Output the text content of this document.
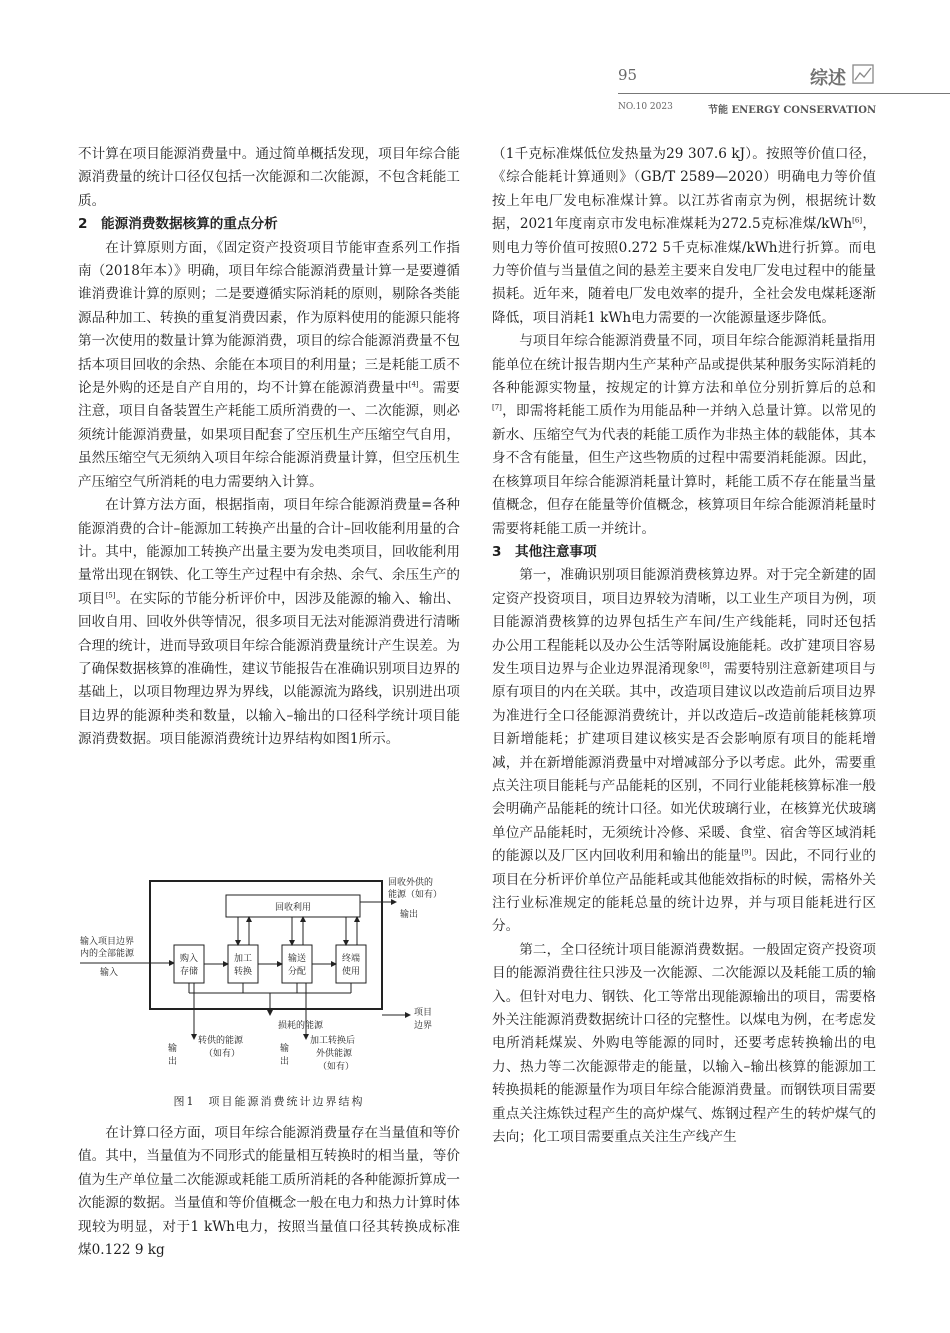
95	综述
NO.10 2023	节能 ENERGY CONSERVATION

不计算在项目能源消费量中。通过简单概括发现，项目年综合能源消费量的统计口径仅包括一次能源和二次能源，不包含耗能工质。

2　能源消费数据核算的重点分析

在计算原则方面，《固定资产投资项目节能审查系列工作指南（2018年本）》明确，项目年综合能源消费量计算一是要遵循谁消费谁计算的原则；二是要遵循实际消耗的原则，剔除各类能源品种加工、转换的重复消费因素，作为原料使用的能源只能将第一次使用的数量计算为能源消费，项目的综合能源消费量不包括本项目回收的余热、余能在本项目的利用量；三是耗能工质不论是外购的还是自产自用的，均不计算在能源消费量中[4]。需要注意，项目自备装置生产耗能工质所消费的一、二次能源，则必须统计能源消费量，如果项目配套了空压机生产压缩空气自用，虽然压缩空气无须纳入项目年综合能源消费量计算，但空压机生产压缩空气所消耗的电力需要纳入计算。

在计算方法方面，根据指南，项目年综合能源消费量=各种能源消费的合计–能源加工转换产出量的合计–回收能利用量的合计。其中，能源加工转换产出量主要为发电类项目，回收能利用量常出现在钢铁、化工等生产过程中有余热、余气、余压生产的项目[5]。在实际的节能分析评价中，因涉及能源的输入、输出、回收自用、回收外供等情况，很多项目无法对能源消费进行清晰合理的统计，进而导致项目年综合能源消费量统计产生误差。为了确保数据核算的准确性，建议节能报告在准确识别项目边界的基础上，以项目物理边界为界线，以能源流为路线，识别进出项目边界的能源种类和数量，以输入–输出的口径科学统计项目能源消费数据。项目能源消费统计边界结构如图1所示。

回收利用
回收外供的
能源（如有）
输出
输入项目边界
内的全部能源
输入
购入
存储
加工
转换
输送
分配
终端
使用
损耗的能源
项目
边界
输
出
转供的能源
（如有）	输
出
加工转换后
外供能源
（如有）
图1　项目能源消费统计边界结构

在计算口径方面，项目年综合能源消费量存在当量值和等价值。其中，当量值为不同形式的能量相互转换时的相当量，等价值为生产单位量二次能源或耗能工质所消耗的各种能源折算成一次能源的数据。当量值和等价值概念一般在电力和热力计算时体现较为明显，对于1 kWh电力，按照当量值口径其转换成标准煤0.122 9 kg

（1千克标准煤低位发热量为29 307.6 kJ）。按照等价值口径，《综合能耗计算通则》（GB/T 2589—2020）明确电力等价值按上年电厂发电标准煤计算。以江苏省南京为例，根据统计数据，2021年度南京市发电标准煤耗为272.5克标准煤/kWh[6]，则电力等价值可按照0.272 5千克标准煤/kWh进行折算。而电力等价值与当量值之间的悬差主要来自发电厂发电过程中的能量损耗。近年来，随着电厂发电效率的提升，全社会发电煤耗逐渐降低，项目消耗1 kWh电力需要的一次能源量逐步降低。

与项目年综合能源消费量不同，项目年综合能源消耗量指用能单位在统计报告期内生产某种产品或提供某种服务实际消耗的各种能源实物量，按规定的计算方法和单位分别折算后的总和[7]，即需将耗能工质作为用能品种一并纳入总量计算。以常见的新水、压缩空气为代表的耗能工质作为非热主体的载能体，其本身不含有能量，但生产这些物质的过程中需要消耗能源。因此，在核算项目年综合能源消耗量计算时，耗能工质不存在能量当量值概念，但存在能量等价值概念，核算项目年综合能源消耗量时需要将耗能工质一并统计。

3　其他注意事项

第一，准确识别项目能源消费核算边界。对于完全新建的固定资产投资项目，项目边界较为清晰，以工业生产项目为例，项目能源消费核算的边界包括生产车间/生产线能耗，同时还包括办公用工程能耗以及办公生活等附属设施能耗。改扩建项目容易发生项目边界与企业边界混淆现象[8]，需要特别注意新建项目与原有项目的内在关联。其中，改造项目建议以改造前后项目边界为准进行全口径能源消费统计，并以改造后–改造前能耗核算项目新增能耗；扩建项目建议核实是否会影响原有项目的能耗增减，并在新增能源消费量中对增减部分予以考虑。此外，需要重点关注项目能耗与产品能耗的区别，不同行业能耗核算标准一般会明确产品能耗的统计口径。如光伏玻璃行业，在核算光伏玻璃单位产品能耗时，无须统计冷修、采暖、食堂、宿舍等区域消耗的能源以及厂区内回收利用和输出的能量[9]。因此，不同行业的项目在分析评价单位产品能耗或其他能效指标的时候，需格外关注行业标准规定的能耗总量的统计边界，并与项目能耗进行区分。

第二，全口径统计项目能源消费数据。一般固定资产投资项目的能源消费往往只涉及一次能源、二次能源以及耗能工质的输入。但针对电力、钢铁、化工等常出现能源输出的项目，需要格外关注能源消费数据统计口径的完整性。以煤电为例，在考虑发电所消耗煤炭、外购电等能源的同时，还要考虑转换输出的电力、热力等二次能源带走的能量，以输入–输出核算的能源加工转换损耗的能源量作为项目年综合能源消费量。而钢铁项目需要重点关注炼铁过程产生的高炉煤气、炼钢过程产生的转炉煤气的去向；化工项目需要重点关注生产线产生
